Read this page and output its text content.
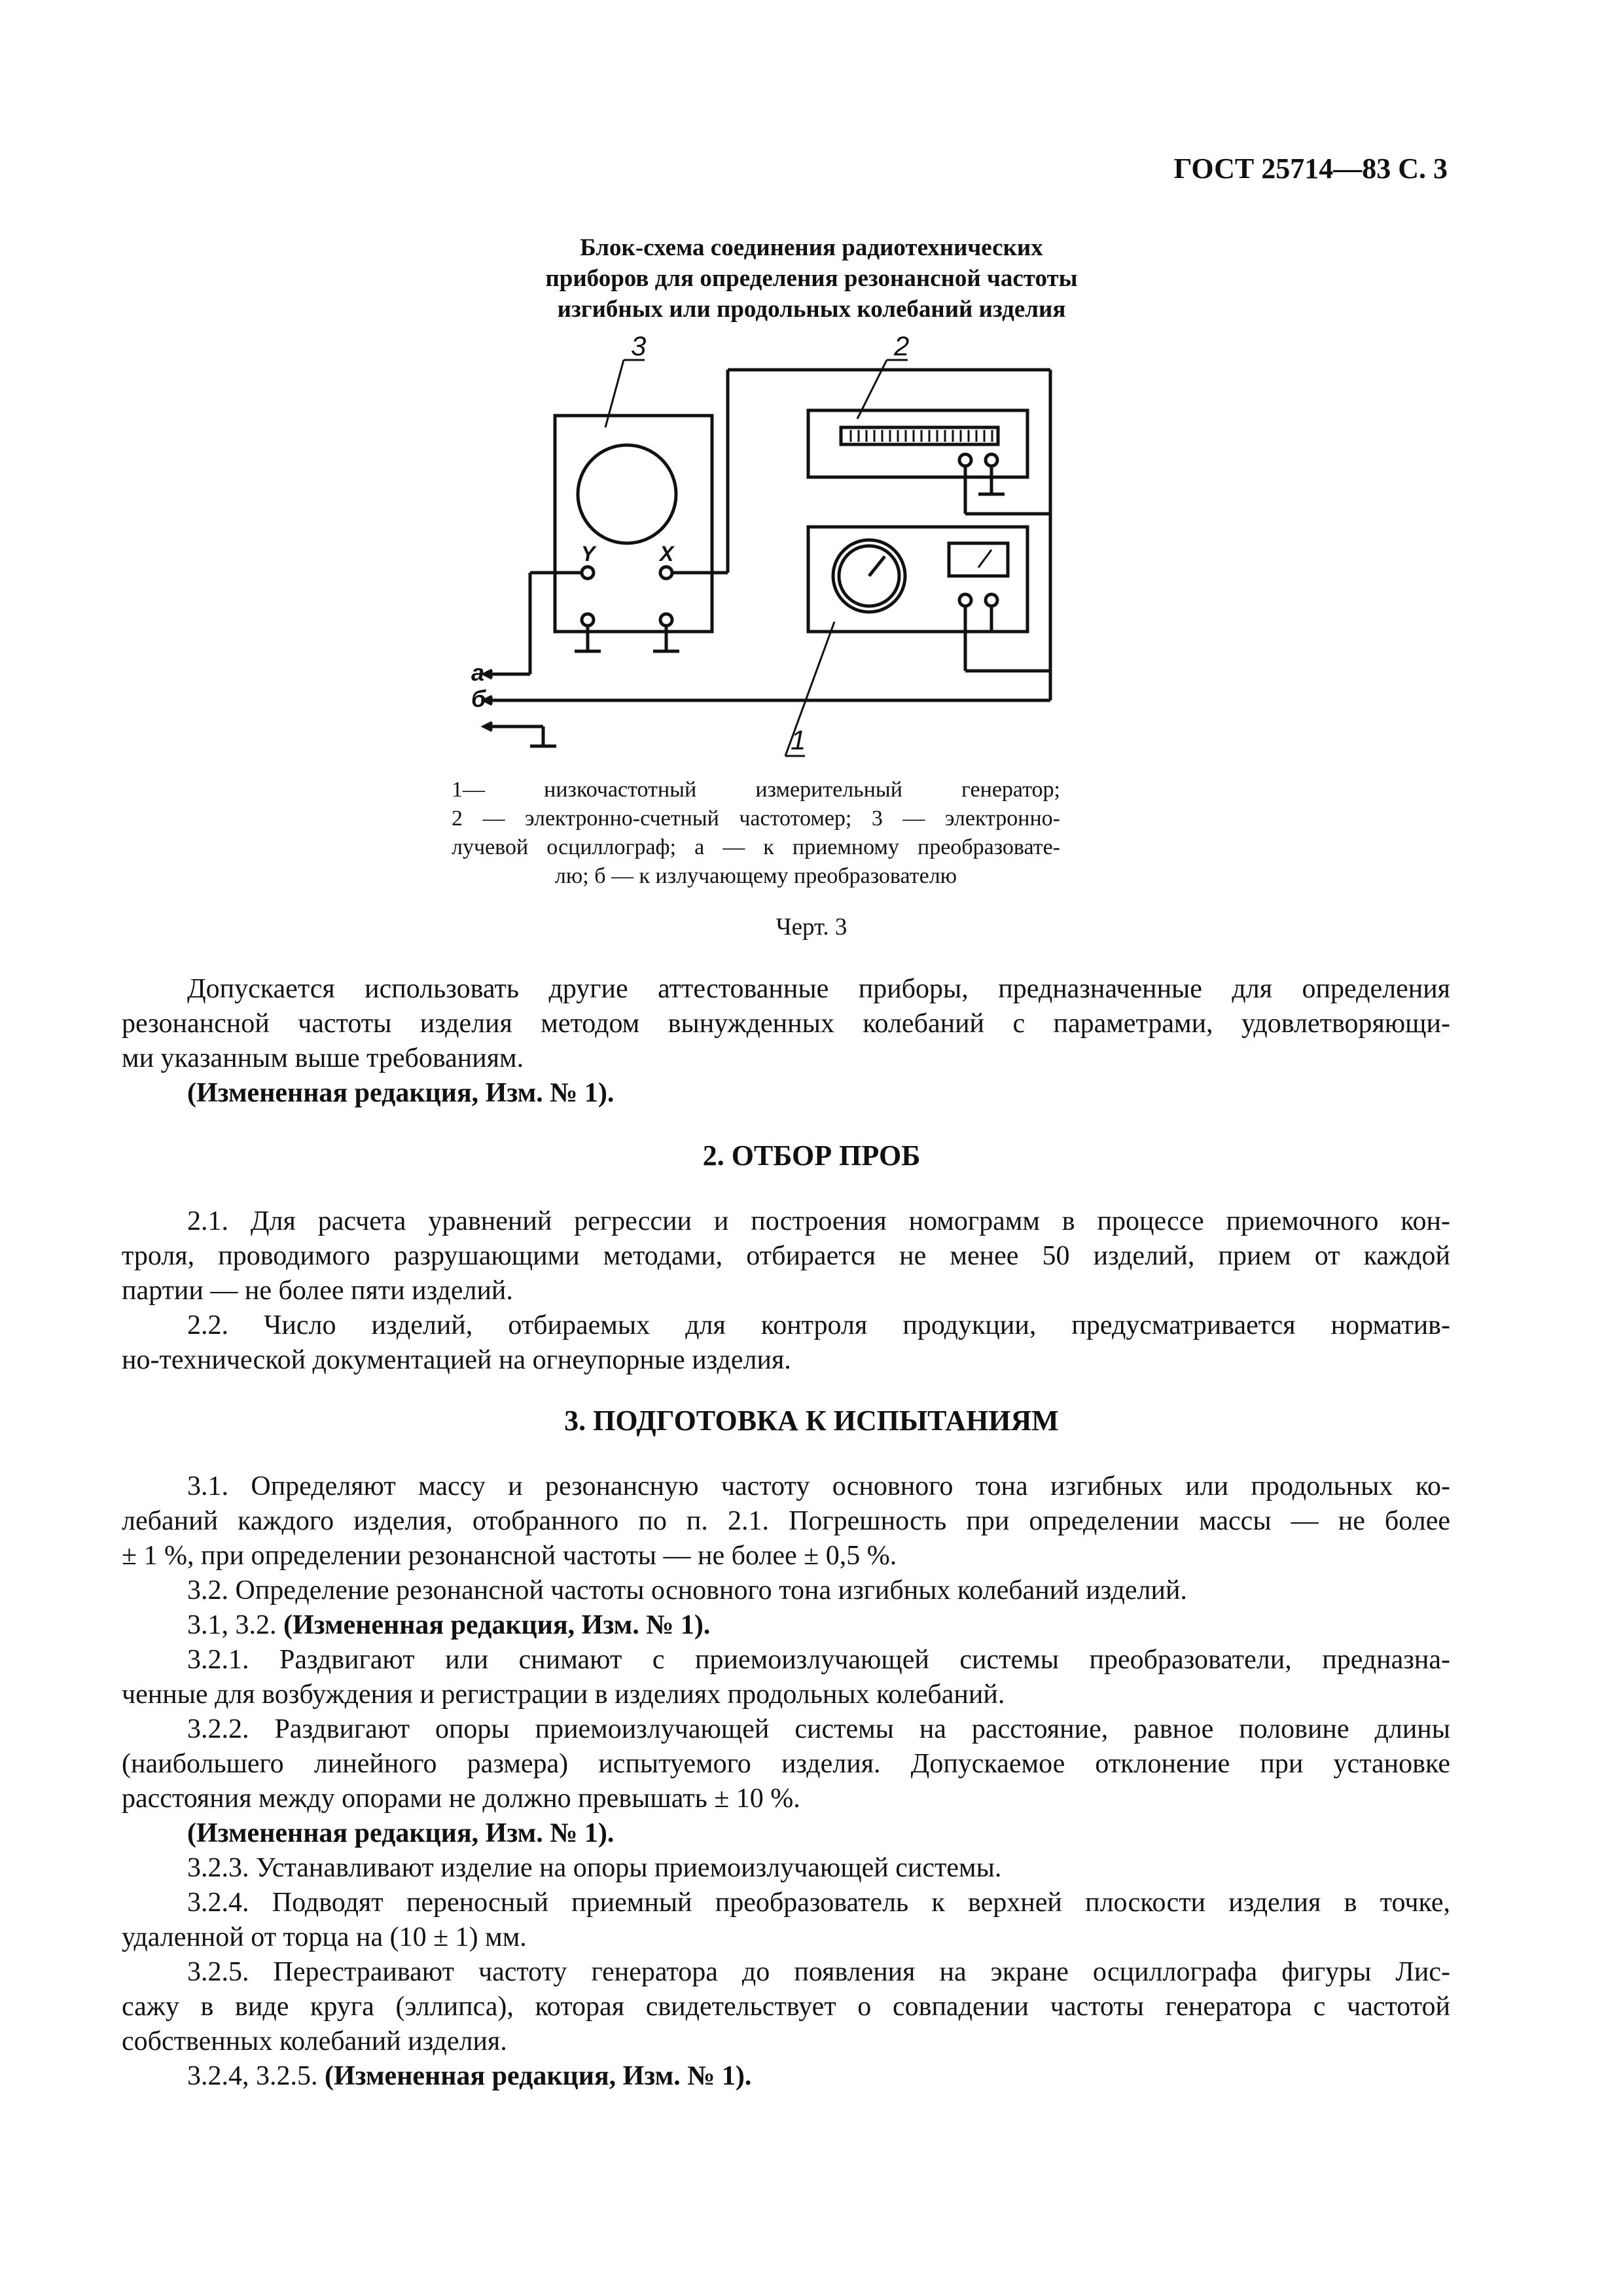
ГОСТ 25714—83 С. 3
Блок-схема соединения радиотехнических
приборов для определения резонансной частоты
изгибных или продольных колебаний изделия
3	2
1
Y	X
а
б
1— низкочастотный измерительный генератор;
2 — электронно-счетный частотомер; 3 — электронно-
лучевой осциллограф; а — к приемному преобразовате-
лю; б — к излучающему преобразователю
Черт. 3
Допускается использовать другие аттестованные приборы, предназначенные для определения
резонансной частоты изделия методом вынужденных колебаний с параметрами, удовлетворяющи-
ми указанным выше требованиям.
(Измененная редакция, Изм. № 1).
2. ОТБОР ПРОБ
2.1. Для расчета уравнений регрессии и построения номограмм в процессе приемочного кон-
троля, проводимого разрушающими методами, отбирается не менее 50 изделий, прием от каждой
партии — не более пяти изделий.
2.2. Число изделий, отбираемых для контроля продукции, предусматривается норматив-
но-технической документацией на огнеупорные изделия.
3. ПОДГОТОВКА К ИСПЫТАНИЯМ
3.1. Определяют массу и резонансную частоту основного тона изгибных или продольных ко-
лебаний каждого изделия, отобранного по п. 2.1. Погрешность при определении массы — не более
± 1 %, при определении резонансной частоты — не более ± 0,5 %.
3.2. Определение резонансной частоты основного тона изгибных колебаний изделий.
3.1, 3.2. (Измененная редакция, Изм. № 1).
3.2.1. Раздвигают или снимают с приемоизлучающей системы преобразователи, предназна-
ченные для возбуждения и регистрации в изделиях продольных колебаний.
3.2.2. Раздвигают опоры приемоизлучающей системы на расстояние, равное половине длины
(наибольшего линейного размера) испытуемого изделия. Допускаемое отклонение при установке
расстояния между опорами не должно превышать ± 10 %.
(Измененная редакция, Изм. № 1).
3.2.3. Устанавливают изделие на опоры приемоизлучающей системы.
3.2.4. Подводят переносный приемный преобразователь к верхней плоскости изделия в точке,
удаленной от торца на (10 ± 1) мм.
3.2.5. Перестраивают частоту генератора до появления на экране осциллографа фигуры Лис-
сажу в виде круга (эллипса), которая свидетельствует о совпадении частоты генератора с частотой
собственных колебаний изделия.
3.2.4, 3.2.5. (Измененная редакция, Изм. № 1).
